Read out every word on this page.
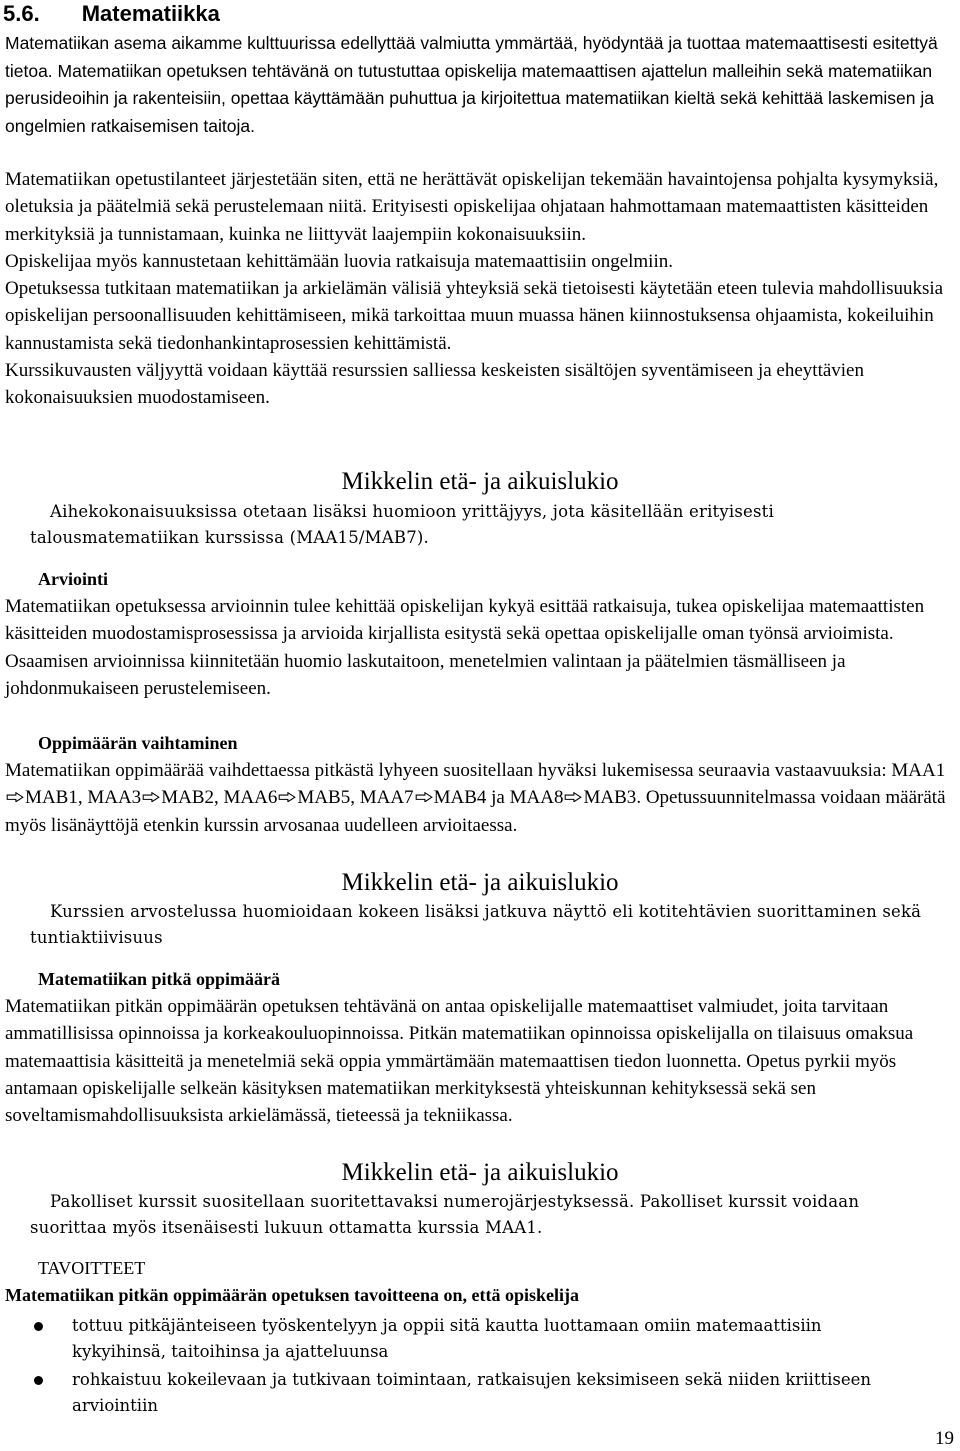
5.6. Matematiikka

Matematiikan asema aikamme kulttuurissa edellyttää valmiutta ymmärtää, hyödyntää ja tuottaa matemaattisesti esitettyä tietoa. Matematiikan opetuksen tehtävänä on tutustuttaa opiskelija matemaattisen ajattelun malleihin sekä matematiikan perusideoihin ja rakenteisiin, opettaa käyttämään puhuttua ja kirjoitettua matematiikan kieltä sekä kehittää laskemisen ja ongelmien ratkaisemisen taitoja.

Matematiikan opetustilanteet järjestetään siten, että ne herättävät opiskelijan tekemään havaintojensa pohjalta kysymyksiä, oletuksia ja päätelmiä sekä perustelemaan niitä. Erityisesti opiskelijaa ohjataan hahmottamaan matemaattisten käsitteiden merkityksiä ja tunnistamaan, kuinka ne liittyvät laajempiin kokonaisuuksiin.

Opiskelijaa myös kannustetaan kehittämään luovia ratkaisuja matemaattisiin ongelmiin.

Opetuksessa tutkitaan matematiikan ja arkielämän välisiä yhteyksiä sekä tietoisesti käytetään eteen tulevia mahdollisuuksia opiskelijan persoonallisuuden kehittämiseen, mikä tarkoittaa muun muassa hänen kiinnostuksensa ohjaamista, kokeiluihin kannustamista sekä tiedonhankintaprosessien kehittämistä.

Kurssikuvausten väljyyttä voidaan käyttää resurssien salliessa keskeisten sisältöjen syventämiseen ja eheyttävien kokonaisuuksien muodostamiseen.

Mikkelin etä- ja aikuislukio

Aihekokonaisuuksissa otetaan lisäksi huomioon yrittäjyys, jota käsitellään erityisesti talousmatematiikan kurssissa (MAA15/MAB7).

Arviointi

Matematiikan opetuksessa arvioinnin tulee kehittää opiskelijan kykyä esittää ratkaisuja, tukea opiskelijaa matemaattisten käsitteiden muodostamisprosessissa ja arvioida kirjallista esitystä sekä opettaa opiskelijalle oman työnsä arvioimista. Osaamisen arvioinnissa kiinnitetään huomio laskutaitoon, menetelmien valintaan ja päätelmien täsmälliseen ja johdonmukaiseen perustelemiseen.

Oppimäärän vaihtaminen

Matematiikan oppimäärää vaihdettaessa pitkästä lyhyeen suositellaan hyväksi lukemisessa seuraavia vastaavuuksia: MAA1
MAB1, MAA3 MAB2, MAA6 MAB5, MAA7 MAB4 ja MAA8 MAB3. Opetussuunnitelmassa voidaan määrätä myös lisänäyttöjä etenkin kurssin arvosanaa uudelleen arvioitaessa.

Mikkelin etä- ja aikuislukio

Kurssien arvostelussa huomioidaan kokeen lisäksi jatkuva näyttö eli kotitehtävien suorittaminen sekä tuntiaktiivisuus

Matematiikan pitkä oppimäärä

Matematiikan pitkän oppimäärän opetuksen tehtävänä on antaa opiskelijalle matemaattiset valmiudet, joita tarvitaan ammatillisissa opinnoissa ja korkeakouluopinnoissa. Pitkän matematiikan opinnoissa opiskelijalla on tilaisuus omaksua matemaattisia käsitteitä ja menetelmiä sekä oppia ymmärtämään matemaattisen tiedon luonnetta. Opetus pyrkii myös antamaan opiskelijalle selkeän käsityksen matematiikan merkityksestä yhteiskunnan kehityksessä sekä sen soveltamismahdollisuuksista arkielämässä, tieteessä ja tekniikassa.

Mikkelin etä- ja aikuislukio

Pakolliset kurssit suositellaan suoritettavaksi numerojärjestyksessä. Pakolliset kurssit voidaan suorittaa myös itsenäisesti lukuun ottamatta kurssia MAA1.

TAVOITTEET
Matematiikan pitkän oppimäärän opetuksen tavoitteena on, että opiskelija
tottuu pitkäjänteiseen työskentelyyn ja oppii sitä kautta luottamaan omiin matemaattisiin kykyihinsä, taitoihinsa ja ajatteluunsa
rohkaistuu kokeilevaan ja tutkivaan toimintaan, ratkaisujen keksimiseen sekä niiden kriittiseen arviointiin
19
